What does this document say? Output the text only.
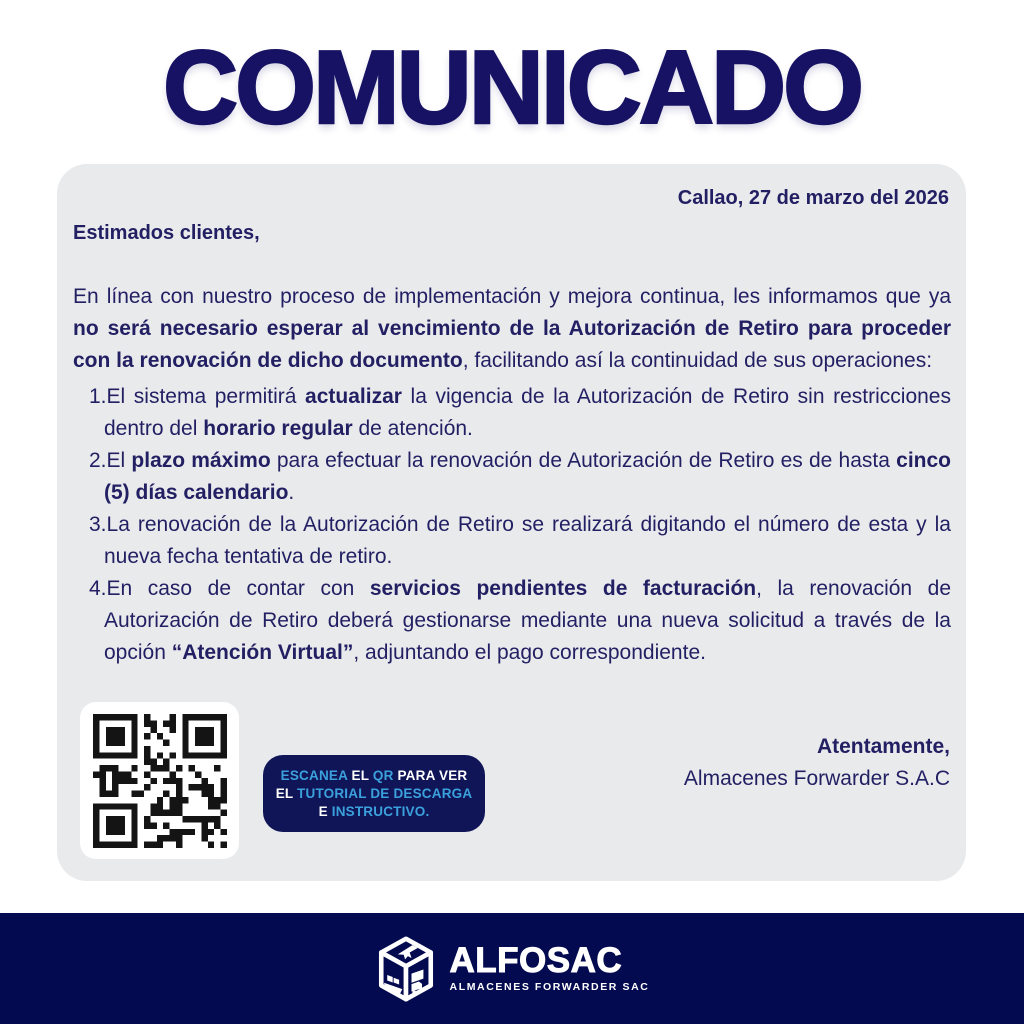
COMUNICADO
Callao, 27 de marzo del 2026
Estimados clientes,

En línea con nuestro proceso de implementación y mejora continua, les informamos que ya no será necesario esperar al vencimiento de la Autorización de Retiro para proceder con la renovación de dicho documento, facilitando así la continuidad de sus operaciones:

1.El sistema permitirá actualizar la vigencia de la Autorización de Retiro sin restricciones dentro del horario regular de atención.
2.El plazo máximo para efectuar la renovación de Autorización de Retiro es de hasta cinco (5) días calendario.
3.La renovación de la Autorización de Retiro se realizará digitando el número de esta y la nueva fecha tentativa de retiro.
4.En caso de contar con servicios pendientes de facturación, la renovación de Autorización de Retiro deberá gestionarse mediante una nueva solicitud a través de la opción “Atención Virtual”, adjuntando el pago correspondiente.
ESCANEA EL QR PARA VER
EL TUTORIAL DE DESCARGA
E INSTRUCTIVO.
Atentamente,
Almacenes Forwarder S.A.C
ALFOSAC
ALMACENES FORWARDER SAC
